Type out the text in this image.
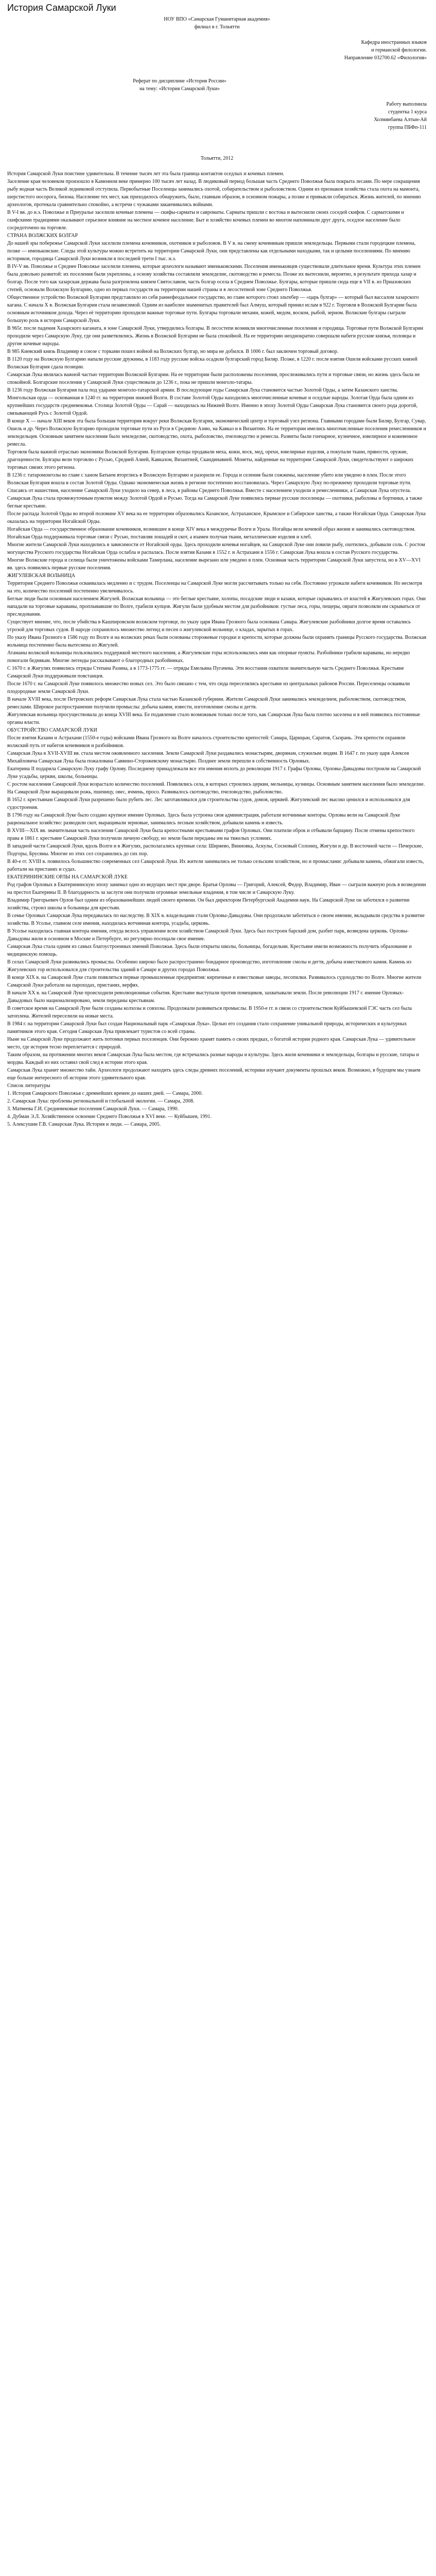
История Самарской Луки
НОУ ВПО «Самарская Гуманитарная академия»
филиал в г. Тольятти
Кафедра иностранных языков
и германской филологии.
Направление 032700.62 «Филология»
Реферат по дисциплине «История России»
на тему: «История Самарской Луки»
Работу выполнила
студентка 1 курса
Холмянбаева Алтын-Ай
группа ПБФп-111
Тольятти, 2012

История Самарской Луки поистине удивительна. В течение тысяч лет эта была граница контактов оседлых и кочевых племен.

Заселение края человеком произошло в Каменном веке примерно 100 тысяч лет назад. В людиковый период большая часть Среднего Поволжья была покрыта лесами. По мере сокращения рыбу водная часть Великой ледниковой отступила. Первобытные Поселенцы занимались охотой, собирательством и рыболовством. Одним из признаков хозяйства стала охота на мамонта, шерстистого носорога, бизона. Население тех мест, как приходилось обнаружить, было, главным образом, в основном пожары, а позже и привыкли собираться. Жизнь жителей, по мнению археологов, протекала сравнительно спокойно, а встречи с чужаками заканчивались войнами.

В V-I вв. до н.э. Поволжье и Приуралье заселили кочевые племена — скифы-сарматы и савроматы. Сарматы пришли с востока и вытеснили своих соседей скифов. С сарматскими и скифскими традициями оказывают серьезное влияние на местное кочевое население. Быт и хозяйство кочевых племен во многом напоминали друг друга, оседлое население было сосредоточено на торговле.

СТРАНА ВОЛЖСКИХ БОЛГАР

До нашей эры побережье Самарской Луки заселили племена кочевников, охотников и рыболовов. В V в. на смену кочевникам пришли земледельцы. Первыми стали городецкие племена, позже — именьковские. Следы этой культуры можно встретить на территории Самарской Луки, они представлены как отдельными находками, так и целыми поселениями. По мнению историков, городища Самарской Луки возникли в последней трети I тыс. н.э.

В IV-V вв. Поволжье и Среднее Поволжье заселили племена, которые археологи называют именьковскими. Поселения именьковцев существовали длительное время. Культура этих племен была довольно развитой: их поселения были укреплены, а основу хозяйства составляли земледелие, скотоводство и ремесла. Позже их вытеснили, вероятно, в результате прихода хазар и болгар. После того как хазарская держава была разгромлена князем Святославом, часть болгар осела в Среднем Поволжье. Булгары, которые пришли сюда еще в VII в. из Приазовских степей, основали Волжскую Булгарию, одно из первых государств на территории нашей страны и в лесостепной зоне Среднего Поволжья.

Общественное устройство Волжской Булгарии представляло из себя раннефеодальное государство, во главе которого стоял эльтебер — «царь булгар» — который был вассалом хазарского кагана. С начала X в. Волжская Булгария стала независимой. Одним из наиболее знаменитых правителей был Алмуш, который принял ислам в 922 г. Торговля в Волжской Булгарии была основным источником дохода. Через её территорию проходили важные торговые пути. Булгары торговали мехами, кожей, медом, воском, рыбой, зерном. Волжские булгары сыграли большую роль в истории Самарской Луки.

В 965г. после падения Хазарского каганата, в зоне Самарской Луки, утвердились болгары. В лесостепи возникли многочисленные поселения и городища. Торговые пути Волжской Булгарии проходили через Самарскую Луку, где они разветвлялись. Жизнь в Волжской Булгарии не была спокойной. На ее территорию неоднократно совершали набеги русские князья, половцы и другие кочевые народы.

В 985 Киевский князь Владимир в союзе с торками пошел войной на Волжских булгар, но мира не добился. В 1006 г. был заключен торговый договор.

В 1120 году на Волжскую Булгарию напали русские дружины, в 1183 году русские войска осадили булгарский город Биляр. Позже, в 1220 г. после взятия Ошеля войсками русских князей Волжская Булгария сдала позиции.

Самарская Лука являлась важной частью территории Волжской Булгарии. На ее территории были расположены поселения, прослеживались пути и торговые связи, но жизнь здесь была не спокойной. Болгарские поселения у Самарской Луки существовали до 1236 г., пока не пришли монголо-татары.

В 1236 году Волжская Булгария пала под ударами монголо-татарской армии. В последующие годы Самарская Лука становится частью Золотой Орды, а затем Казанского ханства.

Монгольская орда — основанная в 1240 гг. на территории нижней Волги. В составе Золотой Орды находились многочисленные кочевые и оседлые народы. Золотая Орда была одним из крупнейших государств средневековья. Столица Золотой Орды — Сарай — находилась на Нижней Волге. Именно в эпоху Золотой Орды Самарская Лука становится своего рода дорогой, связывающей Русь с Золотой Ордой.

В конце X — начале XIII веков эта была большая территория вокруг реки Волжская Булгария, экономический центр и торговый узел региона. Главными городами были Биляр, Булгар, Сувар, Ошель и др. Через Волжскую Булгарию проходили торговые пути из Руси в Среднюю Азию, на Кавказ и в Византию. На ее территории имелись многочисленные поселения ремесленников и земледельцев. Основным занятием населения было земледелие, скотоводство, охота, рыболовство, пчеловодство и ремесла. Развиты были гончарное, кузнечное, ювелирное и кожевенное ремесла.

Торговля была важной отраслью экономики Волжской Булгарии. Булгарские купцы продавали меха, кожи, воск, мед, орехи, ювелирные изделия, а покупали ткани, пряности, оружие, драгоценности. Булгары вели торговлю с Русью, Средней Азией, Кавказом, Византией, Скандинавией. Монеты, найденные на территории Самарской Луки, свидетельствуют о широких торговых связях этого региона.

В 1236 г. татаромонголы во главе с ханом Батыем вторглись в Волжскую Булгарию и разорили ее. Города и селения были сожжены, население убито или уведено в плен. После этого Волжская Булгария вошла в состав Золотой Орды. Однако экономическая жизнь в регионе постепенно восстановилась. Через Самарскую Луку по-прежнему проходили торговые пути.

Спасаясь от нашествия, население Самарской Луки уходило на север, в леса, в районы Среднего Поволжья. Вместе с населением уходили и ремесленники, а Самарская Лука опустела. Самарская Лука стала промежуточным пунктом между Золотой Ордой и Русью. Тогда на Самарской Луке появились первые русские поселенцы — охотники, рыболовы и бортники, а также беглые крестьяне.

После распада Золотой Орды во второй половине XV века на ее территории образовались Казанское, Астраханское, Крымское и Сибирское ханства, а также Ногайская Орда. Самарская Лука оказалась на территории Ногайской Орды.

Ногайская Орда — государственное образование кочевников, возникшее в конце XIV века в междуречье Волги и Урала. Ногайцы вели кочевой образ жизни и занимались скотоводством. Ногайская Орда поддерживала торговые связи с Русью, поставляя лошадей и скот, а взамен получая ткани, металлические изделия и хлеб.

Многие жители Самарской Луки находились в зависимости от Ногайской орды. Здесь проходили кочевья ногайцев, на Самарской Луке они ловили рыбу, охотились, добывали соль. С ростом могущества Русского государства Ногайская Орда ослабла и распалась. После взятия Казани в 1552 г. и Астрахани в 1556 г. Самарская Лука вошла в состав Русского государства.

Многие Волжские города и селища были уничтожены войсками Тамерлана, население вырезано или уведено в плен. Основная часть территории Самарской Луки запустела, но в XV—XVI вв. здесь появились первые русские поселения.

ЖИГУЛЕВСКАЯ ВОЛЬНИЦА

Территория Среднего Поволжья осваивалась медленно и с трудом. Поселенцы на Самарской Луке могли рассчитывать только на себя. Постоянно угрожали набеги кочевников. Но несмотря на это, количество поселений постепенно увеличивалось.

Беглые люди были основным населением Жигулей. Волжская вольница — это беглые крестьяне, холопы, посадские люди и казаки, которые скрывались от властей в Жигулевских горах. Они нападали на торговые караваны, проплывавшие по Волге, грабили купцов. Жигули были удобным местом для разбойников: густые леса, горы, пещеры, овраги позволяли им скрываться от преследования.

Существует мнение, что, после убийства в Кашпировском волжском торговце, по указу царя Ивана Грозного была основана Самара. Жигулевские разбойники долгое время оставались угрозой для торговых судов. В народе сохранилось множество легенд и песен о жигулевской вольнице, о кладах, зарытых в горах.

По указу Ивана Грозного в 1586 году по Волге и на волжских реках были основаны сторожевые городки и крепости, которые должны были охранять границы Русского государства. Волжская вольница постепенно была вытеснена из Жигулей.

Атаманы волжской вольницы пользовались поддержкой местного населения, а Жигулевские горы использовались ими как опорные пункты. Разбойники грабили караваны, но нередко помогали беднякам. Многие легенды рассказывают о благородных разбойниках.

С 1670 г. в Жигулях появились отряды Степана Разина, а в 1773-1775 гг. — отряды Емельяна Пугачева. Эти восстания охватили значительную часть Среднего Поволжья. Крестьяне Самарской Луки поддерживали повстанцев.

После 1670 г. на Самарской Луке появилось множество новых сел. Это было связано с тем, что сюда переселялись крестьяне из центральных районов России. Переселенцы осваивали плодородные земли Самарской Луки.

В начале XVIII века, после Петровских реформ Самарская Лука стала частью Казанской губернии. Жители Самарской Луки занимались земледелием, рыболовством, скотоводством, ремеслами. Широкое распространение получили промыслы: добыча камня, извести, изготовление смолы и дегтя.

Жигулевская вольница просуществовала до конца XVIII века. Ее подавление стало возможным только после того, как Самарская Лука была плотно заселена и в ней появились постоянные органы власти.

ОБУСТРОЙСТВО САМАРСКОЙ ЛУКИ

После взятия Казани и Астрахани (1550-е годы) войсками Ивана Грозного на Волге началось строительство крепостей: Самара, Царицын, Саратов, Сызрань. Эти крепости охраняли волжский путь от набегов кочевников и разбойников.

Самарская Лука в XVII-XVIII вв. стала местом оживленного заселения. Земли Самарской Луки раздавались монастырям, дворянам, служилым людям. В 1647 г. по указу царя Алексея Михайловича Самарская Лука была пожалована Саввино-Сторожевскому монастырю. Позднее земли перешли в собственность Орловых.

Екатерина II подарила Самарскую Луку графу Орлову. Последнему принадлежали все эти имения вплоть до революции 1917 г. Графы Орловы, Орловы-Давыдовы построили на Самарской Луке усадьбы, церкви, школы, больницы.

С ростом населения Самарской Луки возрастало количество поселений. Появлялись села, в которых строились церкви, мельницы, кузницы. Основным занятием населения было земледелие. На Самарской Луке выращивали рожь, пшеницу, овес, ячмень, просо. Развивалось скотоводство, пчеловодство, рыболовство.

В 1652 г. крестьянам Самарской Луки разрешено было рубить лес. Лес заготавливался для строительства судов, домов, церквей. Жигулевский лес высоко ценился и использовался для судостроения.

В 1796 году на Самарской Луке было создано крупное имение Орловых. Здесь была устроена своя администрация, работали вотчинные конторы. Орловы вели на Самарской Луке рациональное хозяйство: разводили скот, выращивали зерновые, занимались лесным хозяйством, добывали камень и известь.

В XVIII—XIX вв. значительная часть населения Самарской Луки была крепостными крестьянами графов Орловых. Они платили оброк и отбывали барщину. После отмены крепостного права в 1861 г. крестьяне Самарской Луки получили личную свободу, но земли были переданы им на тяжелых условиях.

В западной части Самарской Луки, вдоль Волги и в Жигулях, располагались крупные села: Ширяево, Винновка, Аскулы, Сосновый Солонец, Жигули и др. В восточной части — Печерские, Подгоры, Брусяны. Многие из этих сел сохранились до сих пор.

В 40-е гг. XVIII в. появилось большинство современных сел Самарской Луки. Их жители занимались не только сельским хозяйством, но и промыслами: добывали камень, обжигали известь, работали на пристанях и судах.

ЕКАТЕРИНИНСКИЕ ОРЛЫ НА САМАРСКОЙ ЛУКЕ

Род графов Орловых в Екатерининскую эпоху занимал одно из ведущих мест при дворе. Братья Орловы — Григорий, Алексей, Федор, Владимир, Иван — сыграли важную роль в возведении на престол Екатерины II. В благодарность за заслуги они получили огромные земельные владения, в том числе и Самарскую Луку.

Владимир Григорьевич Орлов был одним из образованнейших людей своего времени. Он был директором Петербургской Академии наук. На Самарской Луке он заботился о развитии хозяйства, строил школы и больницы для крестьян.

В семье Орловых Самарская Лука передавалась по наследству. В XIX в. владельцами стали Орловы-Давыдовы. Они продолжали заботиться о своем имении, вкладывали средства в развитие хозяйства. В Усолье, главном селе имения, находилась вотчинная контора, усадьба, церковь.

В Усолье находилась главная контора имения, откуда велось управление всем хозяйством Самарской Луки. Здесь был построен барский дом, разбит парк, возведена церковь. Орловы-Давыдовы жили в основном в Москве и Петербурге, но регулярно посещали свое имение.

Самарская Лука стала одним из самых благоустроенных имений Поволжья. Здесь были открыты школы, больницы, богадельни. Крестьяне имели возможность получить образование и медицинскую помощь.

В селах Самарской Луки развивались промыслы. Особенно широко было распространено бондарное производство, изготовление смолы и дегтя, добыча известкового камня. Камень из Жигулевских гор использовался для строительства зданий в Самаре и других городах Поволжья.

В конце XIX в. на Самарской Луке стали появляться первые промышленные предприятия: кирпичные и известковые заводы, лесопилки. Развивалось судоходство по Волге. Многие жители Самарской Луки работали на пароходах, пристанях, верфях.

В начале XX в. на Самарской Луке происходили революционные события. Крестьяне выступали против помещиков, захватывали земли. После революции 1917 г. имение Орловых-Давыдовых было национализировано, земли переданы крестьянам.

В советское время на Самарской Луке были созданы колхозы и совхозы. Продолжали развиваться промыслы. В 1950-е гг. в связи со строительством Куйбышевской ГЭС часть сел была затоплена. Жителей переселили на новые места.

В 1984 г. на территории Самарской Луки был создан Национальный парк «Самарская Лука». Целью его создания стало сохранение уникальной природы, исторических и культурных памятников этого края. Сегодня Самарская Лука привлекает туристов со всей страны.

Ныне на Самарской Луке продолжают жить потомки первых поселенцев. Они бережно хранят память о своих предках, о богатой истории родного края. Самарская Лука — удивительное место, где история тесно переплетается с природой.

Таким образом, на протяжении многих веков Самарская Лука была местом, где встречались разные народы и культуры. Здесь жили кочевники и земледельцы, болгары и русские, татары и мордва. Каждый из них оставил свой след в истории этого края.

Самарская Лука хранит множество тайн. Археологи продолжают находить здесь следы древних поселений, историки изучают документы прошлых веков. Возможно, в будущем мы узнаем еще больше интересного об истории этого удивительного края.

Список литературы

1. История Самарского Поволжья с древнейших времен до наших дней. — Самара, 2000.

2. Самарская Лука: проблемы региональной и глобальной экологии. — Самара, 2008.

3. Матвеева Г.И. Средневековые поселения Самарской Луки. — Самара, 1990.

4. Дубман Э.Л. Хозяйственное освоение Среднего Поволжья в XVI веке. — Куйбышев, 1991.

5. Алексушин Г.В. Самарская Лука. История и люди. — Самара, 2005.
